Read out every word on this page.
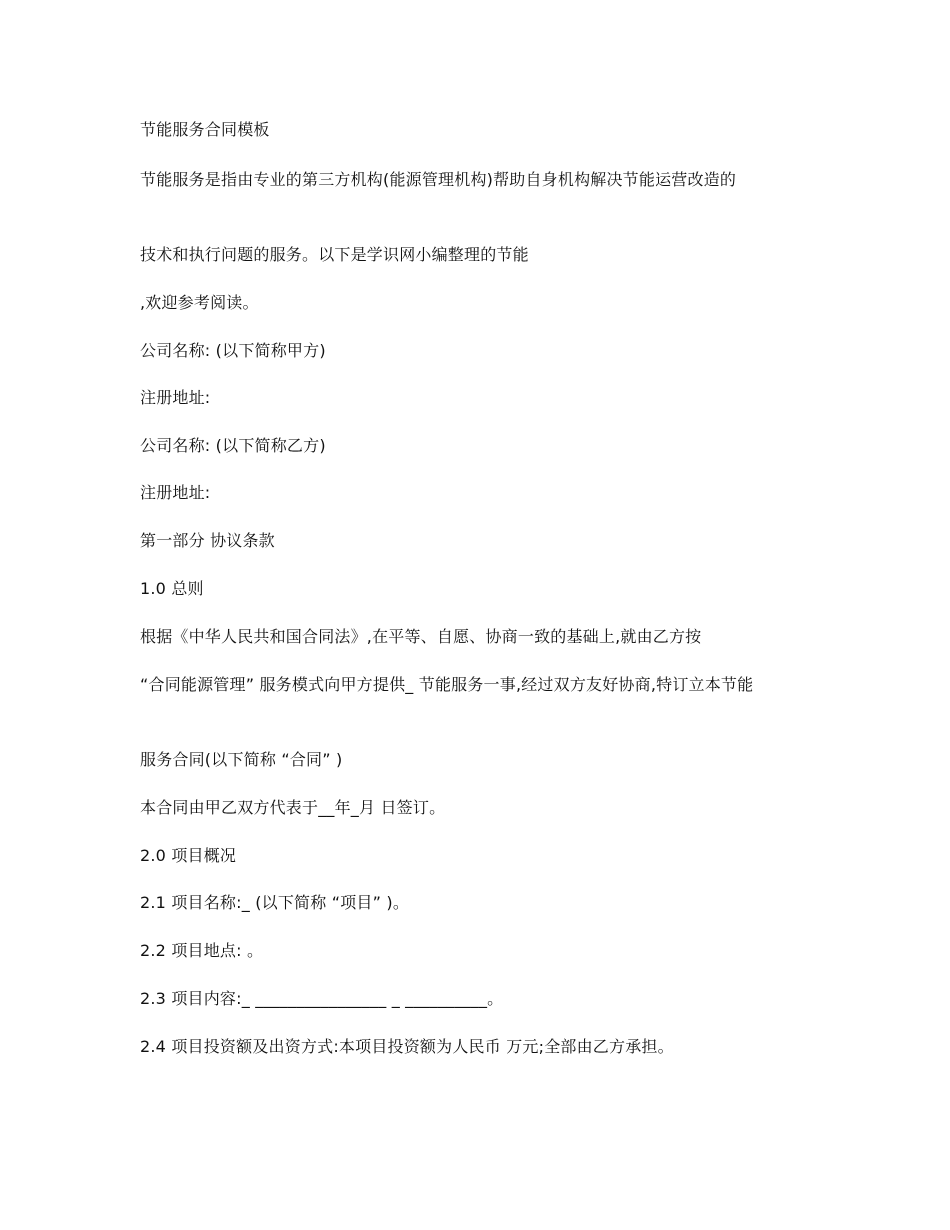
节能服务合同模板

节能服务是指由专业的第三方机构(能源管理机构)帮助自身机构解决节能运营改造的

技术和执行问题的服务。以下是学识网小编整理的节能

,欢迎参考阅读。

公司名称: (以下简称甲方)

注册地址:

公司名称: (以下简称乙方)

注册地址:

第一部分 协议条款

1.0 总则

根据《中华人民共和国合同法》,在平等、自愿、协商一致的基础上,就由乙方按

“合同能源管理” 服务模式向甲方提供_ 节能服务一事,经过双方友好协商,特订立本节能

服务合同(以下简称 “合同” )

本合同由甲乙双方代表于__年_月 日签订。

2.0 项目概况

2.1 项目名称:_ (以下简称 “项目” )。

2.2 项目地点: 。

2.3 项目内容:_ ________________ _ __________。

2.4 项目投资额及出资方式:本项目投资额为人民币 万元;全部由乙方承担。
